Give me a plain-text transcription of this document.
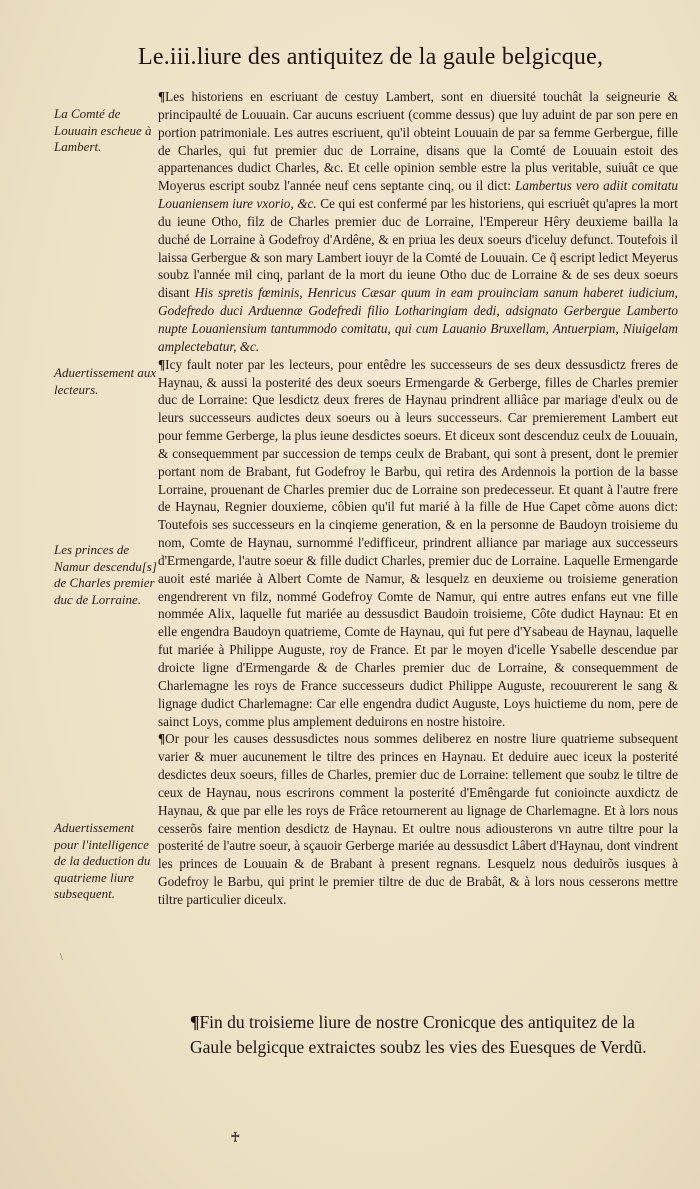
Le.iii.liure des antiquitez de la gaule belgicque,
La Comté de Louuain escheue à Lambert.
Aduertissement aux lecteurs.
Les princes de Namur descendu[s] de Charles premier duc de Lorraine.
Aduertissement pour l'intelligence de la deduction du quatrieme liure subsequent.

¶Les historiens en escriuant de cestuy Lambert, sont en diuersité touchât la seigneurie & principaulté de Louuain. Car aucuns escriuent (comme dessus) que luy aduint de par son pere en portion patrimoniale. Les autres escriuent, qu'il obteint Louuain de par sa femme Gerbergue, fille de Charles, qui fut premier duc de Lorraine, disans que la Comté de Louuain estoit des appartenances dudict Charles, &c. Et celle opinion semble estre la plus veritable, suiuât ce que Moyerus escript soubz l'année neuf cens septante cinq, ou il dict: Lambertus vero adiit comitatu Louaniensem iure vxorio, &c. Ce qui est confermé par les historiens, qui escriuêt qu'apres la mort du ieune Otho, filz de Charles premier duc de Lorraine, l'Empereur Hêry deuxieme bailla la duché de Lorraine à Godefroy d'Ardêne, & en priua les deux soeurs d'iceluy defunct. Toutefois il laissa Gerbergue & son mary Lambert iouyr de la Comté de Louuain. Ce q̃ escript ledict Meyerus soubz l'année mil cinq, parlant de la mort du ieune Otho duc de Lorraine & de ses deux soeurs disant His spretis fœminis, Henricus Cæsar quum in eam prouinciam sanum haberet iudicium, Godefredo duci Arduennæ Godefredi filio Lotharingiam dedi, adsignato Gerbergue Lamberto nupte Louaniensium tantummodo comitatu, qui cum Lauanio Bruxellam, Antuerpiam, Niuigelam amplectebatur, &c.

¶Icy fault noter par les lecteurs, pour entêdre les successeurs de ses deux dessusdictz freres de Haynau, & aussi la posterité des deux soeurs Ermengarde & Gerberge, filles de Charles premier duc de Lorraine: Que lesdictz deux freres de Haynau prindrent alliâce par mariage d'eulx ou de leurs successeurs audictes deux soeurs ou à leurs successeurs. Car premierement Lambert eut pour femme Gerberge, la plus ieune desdictes soeurs. Et diceux sont descenduz ceulx de Louuain, & consequemment par succession de temps ceulx de Brabant, qui sont à present, dont le premier portant nom de Brabant, fut Godefroy le Barbu, qui retira des Ardennois la portion de la basse Lorraine, prouenant de Charles premier duc de Lorraine son predecesseur. Et quant à l'autre frere de Haynau, Regnier douxieme, côbien qu'il fut marié à la fille de Hue Capet cõme auons dict: Toutefois ses successeurs en la cinqieme generation, & en la personne de Baudoyn troisieme du nom, Comte de Haynau, surnommé l'edifficeur, prindrent alliance par mariage aux successeurs d'Ermengarde, l'autre soeur & fille dudict Charles, premier duc de Lorraine. Laquelle Ermengarde auoit esté mariée à Albert Comte de Namur, & lesquelz en deuxieme ou troisieme generation engendrerent vn filz, nommé Godefroy Comte de Namur, qui entre autres enfans eut vne fille nommée Alix, laquelle fut mariée au dessusdict Baudoin troisieme, Côte dudict Haynau: Et en elle engendra Baudoyn quatrieme, Comte de Haynau, qui fut pere d'Ysabeau de Haynau, laquelle fut mariée à Philippe Auguste, roy de France. Et par le moyen d'icelle Ysabelle descendue par droicte ligne d'Ermengarde & de Charles premier duc de Lorraine, & consequemment de Charlemagne les roys de France successeurs dudict Philippe Auguste, recouurerent le sang & lignage dudict Charlemagne: Car elle engendra dudict Auguste, Loys huictieme du nom, pere de sainct Loys, comme plus amplement deduirons en nostre histoire.

¶Or pour les causes dessusdictes nous sommes deliberez en nostre liure quatrieme subsequent varier & muer aucunement le tiltre des princes en Haynau. Et deduire auec iceux la posterité desdictes deux soeurs, filles de Charles, premier duc de Lorraine: tellement que soubz le tiltre de ceux de Haynau, nous escrirons comment la posterité d'Emêngarde fut conioincte auxdictz de Haynau, & que par elle les roys de Frâce retournerent au lignage de Charlemagne. Et à lors nous cesserõs faire mention desdictz de Haynau. Et oultre nous adiousterons vn autre tiltre pour la posterité de l'autre soeur, à sçauoir Gerberge mariée au dessusdict Lâbert d'Haynau, dont vindrent les princes de Louuain & de Brabant à present regnans. Lesquelz nous deduirõs iusques à Godefroy le Barbu, qui print le premier tiltre de duc de Brabât, & à lors nous cesserons mettre tiltre particulier diceulx.

\
¶Fin du troisieme liure de nostre Cronicque des antiquitez de la Gaule belgicque extraictes soubz les vies des Euesques de Verdũ.
♰
